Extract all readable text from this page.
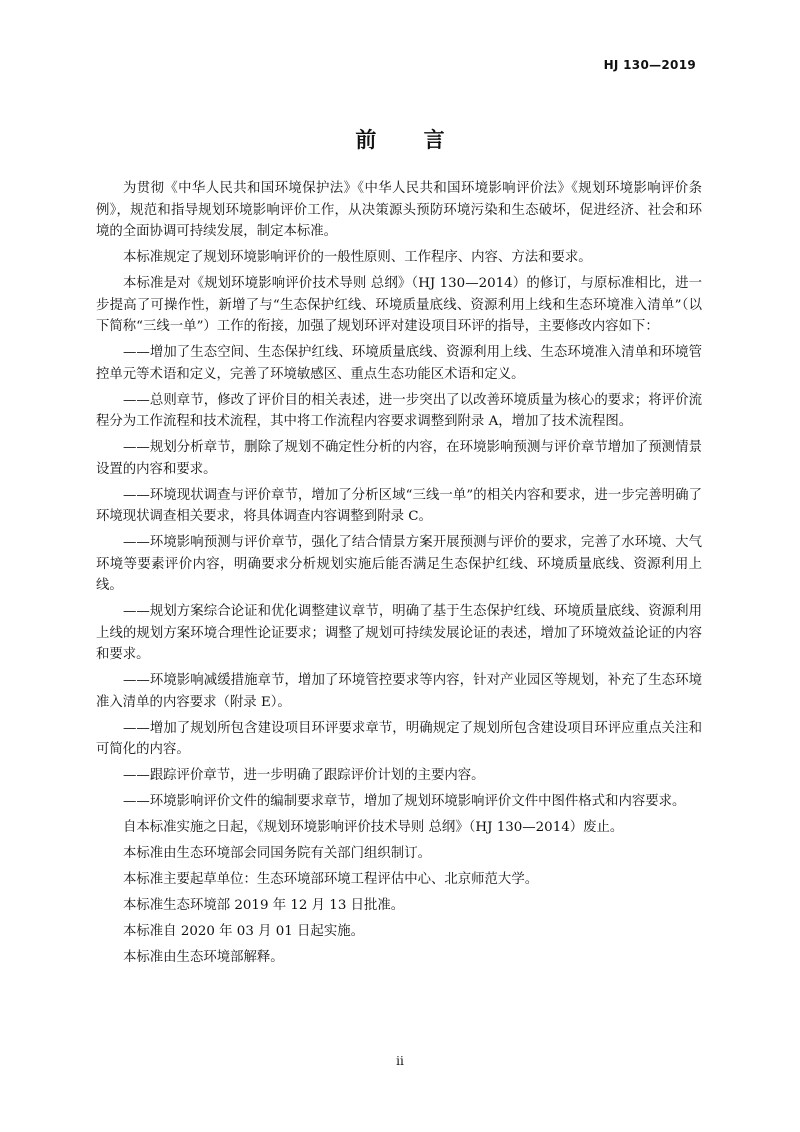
HJ 130—2019
前 言

为贯彻《中华人民共和国环境保护法》《中华人民共和国环境影响评价法》《规划环境影响评价条例》，规范和指导规划环境影响评价工作，从决策源头预防环境污染和生态破坏，促进经济、社会和环境的全面协调可持续发展，制定本标准。

本标准规定了规划环境影响评价的一般性原则、工作程序、内容、方法和要求。

本标准是对《规划环境影响评价技术导则 总纲》（HJ 130—2014）的修订，与原标准相比，进一步提高了可操作性，新增了与“生态保护红线、环境质量底线、资源利用上线和生态环境准入清单”（以下简称“三线一单”）工作的衔接，加强了规划环评对建设项目环评的指导，主要修改内容如下：

——增加了生态空间、生态保护红线、环境质量底线、资源利用上线、生态环境准入清单和环境管控单元等术语和定义，完善了环境敏感区、重点生态功能区术语和定义。

——总则章节，修改了评价目的相关表述，进一步突出了以改善环境质量为核心的要求；将评价流程分为工作流程和技术流程，其中将工作流程内容要求调整到附录 A，增加了技术流程图。

——规划分析章节，删除了规划不确定性分析的内容，在环境影响预测与评价章节增加了预测情景设置的内容和要求。

——环境现状调查与评价章节，增加了分析区域“三线一单”的相关内容和要求，进一步完善明确了环境现状调查相关要求，将具体调查内容调整到附录 C。

——环境影响预测与评价章节，强化了结合情景方案开展预测与评价的要求，完善了水环境、大气环境等要素评价内容，明确要求分析规划实施后能否满足生态保护红线、环境质量底线、资源利用上线。

——规划方案综合论证和优化调整建议章节，明确了基于生态保护红线、环境质量底线、资源利用上线的规划方案环境合理性论证要求；调整了规划可持续发展论证的表述，增加了环境效益论证的内容和要求。

——环境影响减缓措施章节，增加了环境管控要求等内容，针对产业园区等规划，补充了生态环境准入清单的内容要求（附录 E）。

——增加了规划所包含建设项目环评要求章节，明确规定了规划所包含建设项目环评应重点关注和可简化的内容。

——跟踪评价章节，进一步明确了跟踪评价计划的主要内容。

——环境影响评价文件的编制要求章节，增加了规划环境影响评价文件中图件格式和内容要求。

自本标准实施之日起，《规划环境影响评价技术导则 总纲》（HJ 130—2014）废止。

本标准由生态环境部会同国务院有关部门组织制订。

本标准主要起草单位：生态环境部环境工程评估中心、北京师范大学。

本标准生态环境部 2019 年 12 月 13 日批准。

本标准自 2020 年 03 月 01 日起实施。

本标准由生态环境部解释。

ii
